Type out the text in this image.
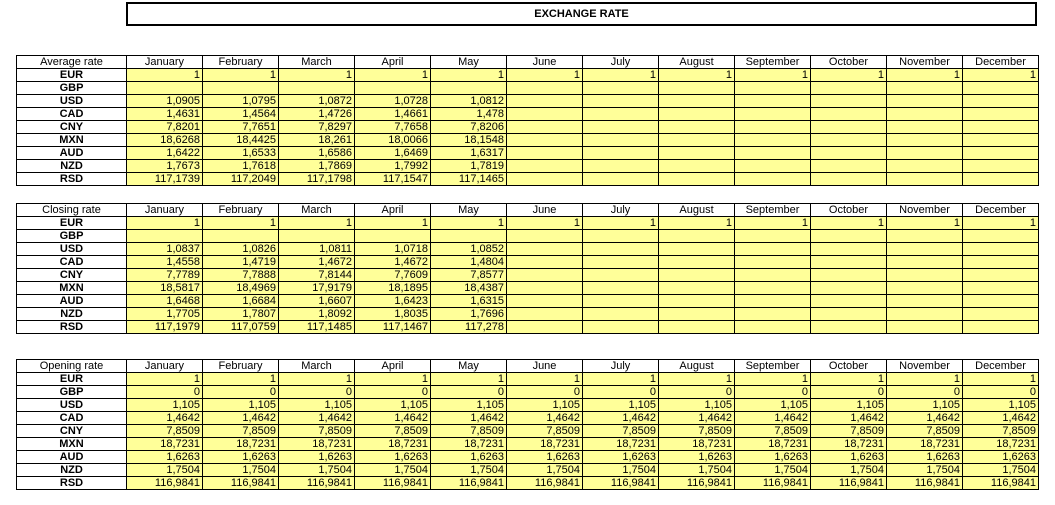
EXCHANGE RATE
Average rate	January	February	March	April	May	June	July	August	September	October	November	December
EUR	1	1	1	1	1	1	1	1	1	1	1	1
GBP												
USD	1,0905	1,0795	1,0872	1,0728	1,0812							
CAD	1,4631	1,4564	1,4726	1,4661	1,478							
CNY	7,8201	7,7651	7,8297	7,7658	7,8206							
MXN	18,6268	18,4425	18,261	18,0066	18,1548							
AUD	1,6422	1,6533	1,6586	1,6469	1,6317							
NZD	1,7673	1,7618	1,7869	1,7992	1,7819							
RSD	117,1739	117,2049	117,1798	117,1547	117,1465							
Closing rate	January	February	March	April	May	June	July	August	September	October	November	December
EUR	1	1	1	1	1	1	1	1	1	1	1	1
GBP												
USD	1,0837	1,0826	1,0811	1,0718	1,0852							
CAD	1,4558	1,4719	1,4672	1,4672	1,4804							
CNY	7,7789	7,7888	7,8144	7,7609	7,8577							
MXN	18,5817	18,4969	17,9179	18,1895	18,4387							
AUD	1,6468	1,6684	1,6607	1,6423	1,6315							
NZD	1,7705	1,7807	1,8092	1,8035	1,7696							
RSD	117,1979	117,0759	117,1485	117,1467	117,278							
Opening rate	January	February	March	April	May	June	July	August	September	October	November	December
EUR	1	1	1	1	1	1	1	1	1	1	1	1
GBP	0	0	0	0	0	0	0	0	0	0	0	0
USD	1,105	1,105	1,105	1,105	1,105	1,105	1,105	1,105	1,105	1,105	1,105	1,105
CAD	1,4642	1,4642	1,4642	1,4642	1,4642	1,4642	1,4642	1,4642	1,4642	1,4642	1,4642	1,4642
CNY	7,8509	7,8509	7,8509	7,8509	7,8509	7,8509	7,8509	7,8509	7,8509	7,8509	7,8509	7,8509
MXN	18,7231	18,7231	18,7231	18,7231	18,7231	18,7231	18,7231	18,7231	18,7231	18,7231	18,7231	18,7231
AUD	1,6263	1,6263	1,6263	1,6263	1,6263	1,6263	1,6263	1,6263	1,6263	1,6263	1,6263	1,6263
NZD	1,7504	1,7504	1,7504	1,7504	1,7504	1,7504	1,7504	1,7504	1,7504	1,7504	1,7504	1,7504
RSD	116,9841	116,9841	116,9841	116,9841	116,9841	116,9841	116,9841	116,9841	116,9841	116,9841	116,9841	116,9841
